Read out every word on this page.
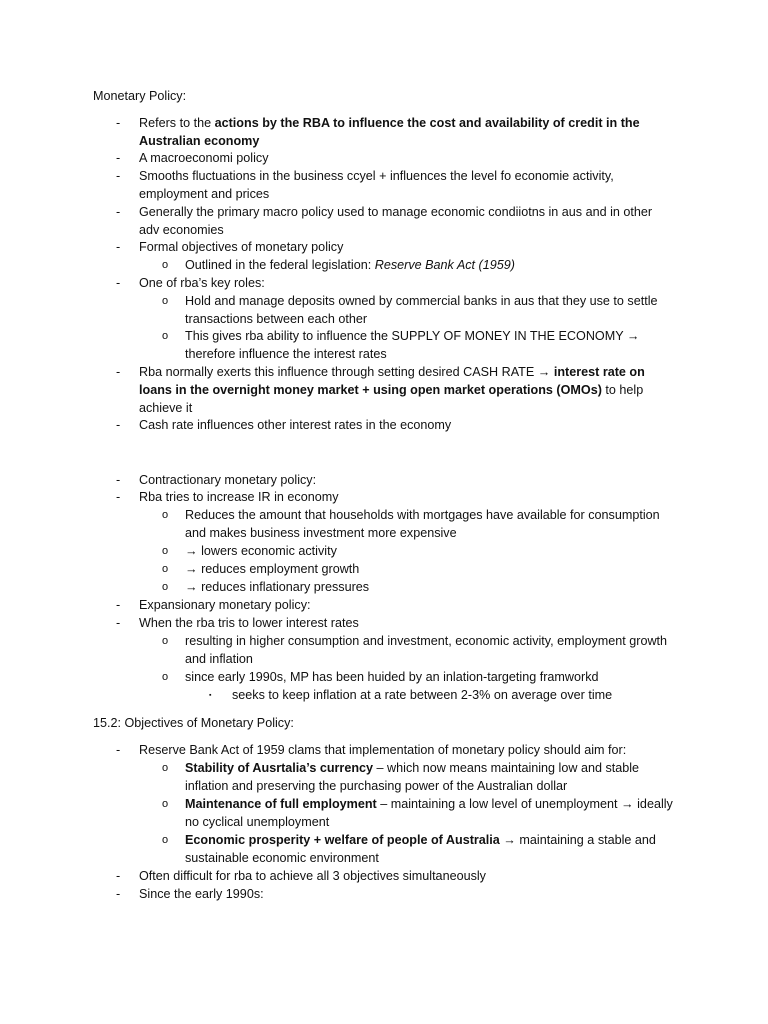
Monetary Policy:
- Refers to the actions by the RBA to influence the cost and availability of credit in the Australian economy
- A macroeconomi policy
- Smooths fluctuations in the business ccyel + influences the level fo economie activity, employment and prices
- Generally the primary macro policy used to manage economic condiiotns in aus and in other adv economies
- Formal objectives of monetary policy
o Outlined in the federal legislation: Reserve Bank Act (1959)
- One of rba’s key roles:
o Hold and manage deposits owned by commercial banks in aus that they use to settle transactions between each other
o This gives rba ability to influence the SUPPLY OF MONEY IN THE ECONOMY → therefore influence the interest rates
- Rba normally exerts this influence through setting desired CASH RATE → interest rate on loans in the overnight money market + using open market operations (OMOs) to help achieve it
- Cash rate influences other interest rates in the economy
- Contractionary monetary policy:
- Rba tries to increase IR in economy
o Reduces the amount that households with mortgages have available for consumption and makes business investment more expensive
o → lowers economic activity
o → reduces employment growth
o → reduces inflationary pressures
- Expansionary monetary policy:
- When the rba tris to lower interest rates
o resulting in higher consumption and investment, economic activity, employment growth and inflation
o since early 1990s, MP has been huided by an inlation-targeting framworkd
▪ seeks to keep inflation at a rate between 2-3% on average over time
15.2: Objectives of Monetary Policy:
- Reserve Bank Act of 1959 clams that implementation of monetary policy should aim for:
o Stability of Ausrtalia’s currency – which now means maintaining low and stable inflation and preserving the purchasing power of the Australian dollar
o Maintenance of full employment – maintaining a low level of unemployment → ideally no cyclical unemployment
o Economic prosperity + welfare of people of Australia → maintaining a stable and sustainable economic environment
- Often difficult for rba to achieve all 3 objectives simultaneously
- Since the early 1990s:
